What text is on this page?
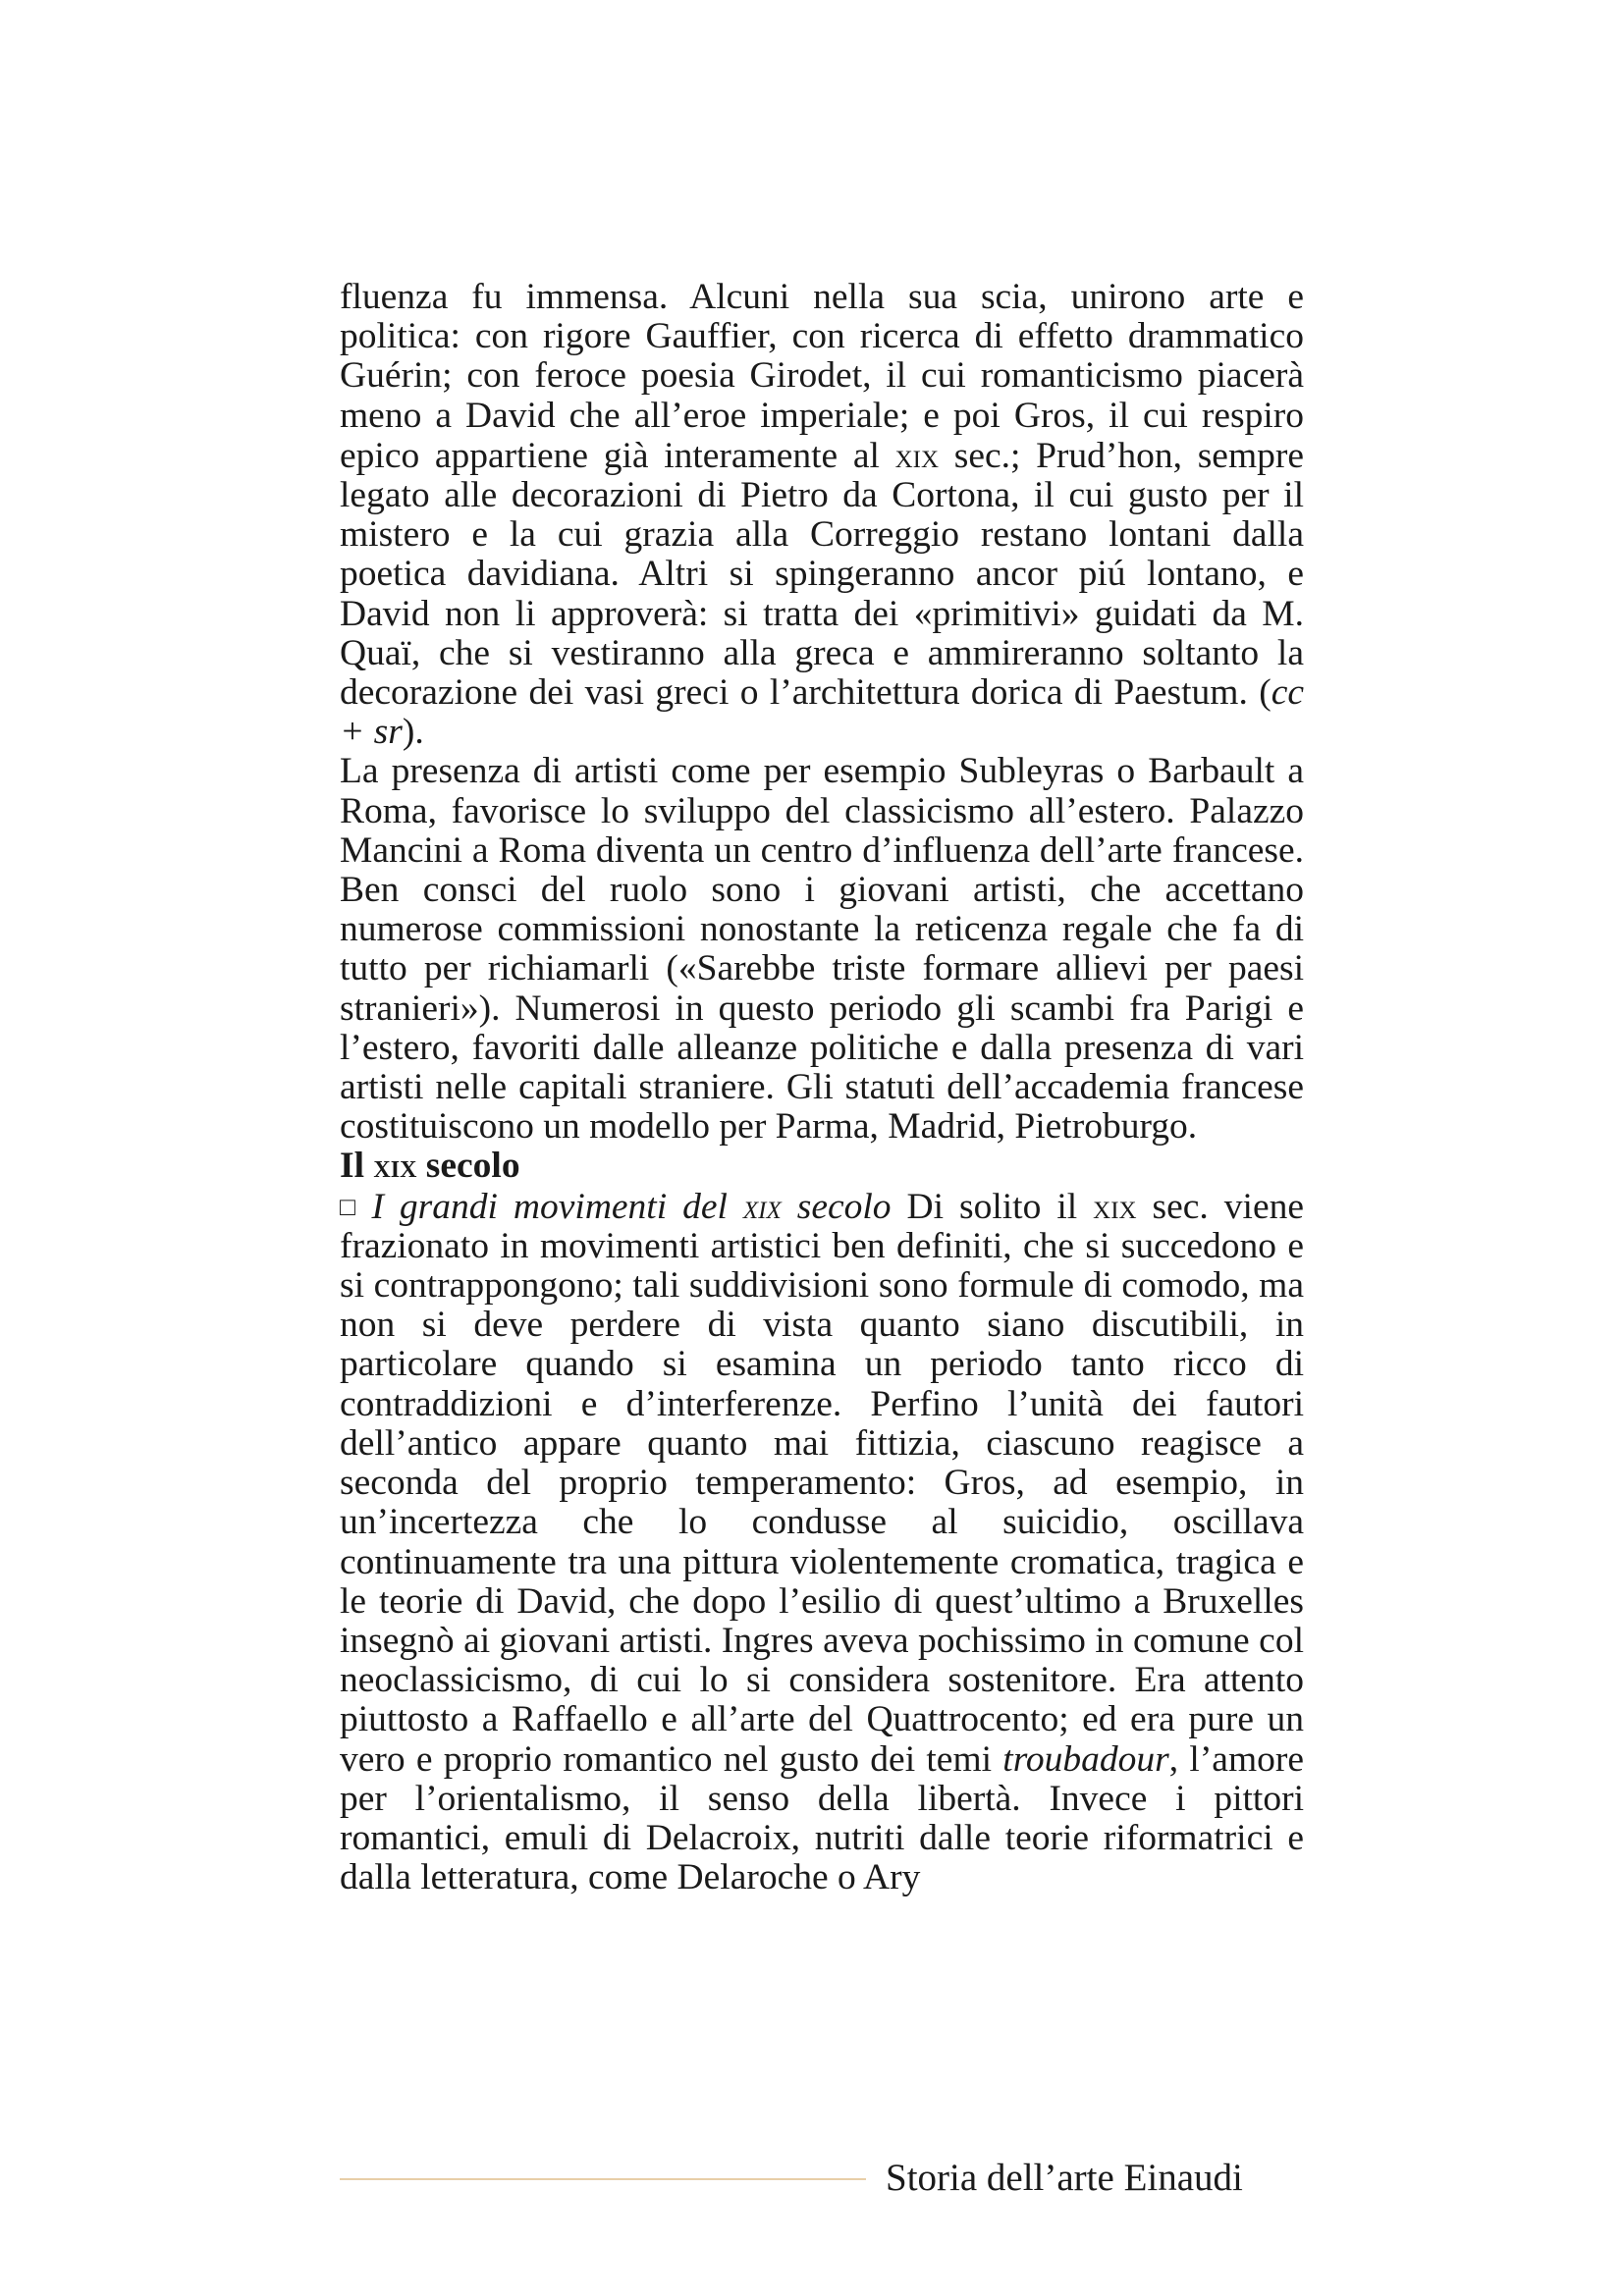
fluenza fu immensa. Alcuni nella sua scia, unirono arte e politica: con rigore Gauffier, con ricerca di effetto drammatico Guérin; con feroce poesia Girodet, il cui romanticismo piacerà meno a David che all’eroe imperiale; e poi Gros, il cui respiro epico appartiene già interamente al xix sec.; Prud’hon, sempre legato alle decorazioni di Pietro da Cortona, il cui gusto per il mistero e la cui grazia alla Correggio restano lontani dalla poetica davidiana. Altri si spingeranno ancor piú lontano, e David non li approverà: si tratta dei «primitivi» guidati da M. Quaï, che si vestiranno alla greca e ammireranno soltanto la decorazione dei vasi greci o l’architettura dorica di Paestum. (cc + sr).

La presenza di artisti come per esempio Subleyras o Barbault a Roma, favorisce lo sviluppo del classicismo all’estero. Palazzo Mancini a Roma diventa un centro d’influenza dell’arte francese. Ben consci del ruolo sono i giovani artisti, che accettano numerose commissioni nonostante la reticenza regale che fa di tutto per richiamarli («Sarebbe triste formare allievi per paesi stranieri»). Numerosi in questo periodo gli scambi fra Parigi e l’estero, favoriti dalle alleanze politiche e dalla presenza di vari artisti nelle capitali straniere. Gli statuti dell’accademia francese costituiscono un modello per Parma, Madrid, Pietroburgo.

Il xix secolo

□ I grandi movimenti del xix secolo Di solito il xix sec. viene frazionato in movimenti artistici ben definiti, che si succedono e si contrappongono; tali suddivisioni sono formule di comodo, ma non si deve perdere di vista quanto siano discutibili, in particolare quando si esamina un periodo tanto ricco di contraddizioni e d’interferenze. Perfino l’unità dei fautori dell’antico appare quanto mai fittizia, ciascuno reagisce a seconda del proprio temperamento: Gros, ad esempio, in un’incertezza che lo condusse al suicidio, oscillava continuamente tra una pittura violentemente cromatica, tragica e le teorie di David, che dopo l’esilio di quest’ultimo a Bruxelles insegnò ai giovani artisti. Ingres aveva pochissimo in comune col neoclassicismo, di cui lo si considera sostenitore. Era attento piuttosto a Raffaello e all’arte del Quattrocento; ed era pure un vero e proprio romantico nel gusto dei temi troubadour, l’amore per l’orientalismo, il senso della libertà. Invece i pittori romantici, emuli di Delacroix, nutriti dalle teorie riformatrici e dalla letteratura, come Delaroche o Ary

Storia dell’arte Einaudi
